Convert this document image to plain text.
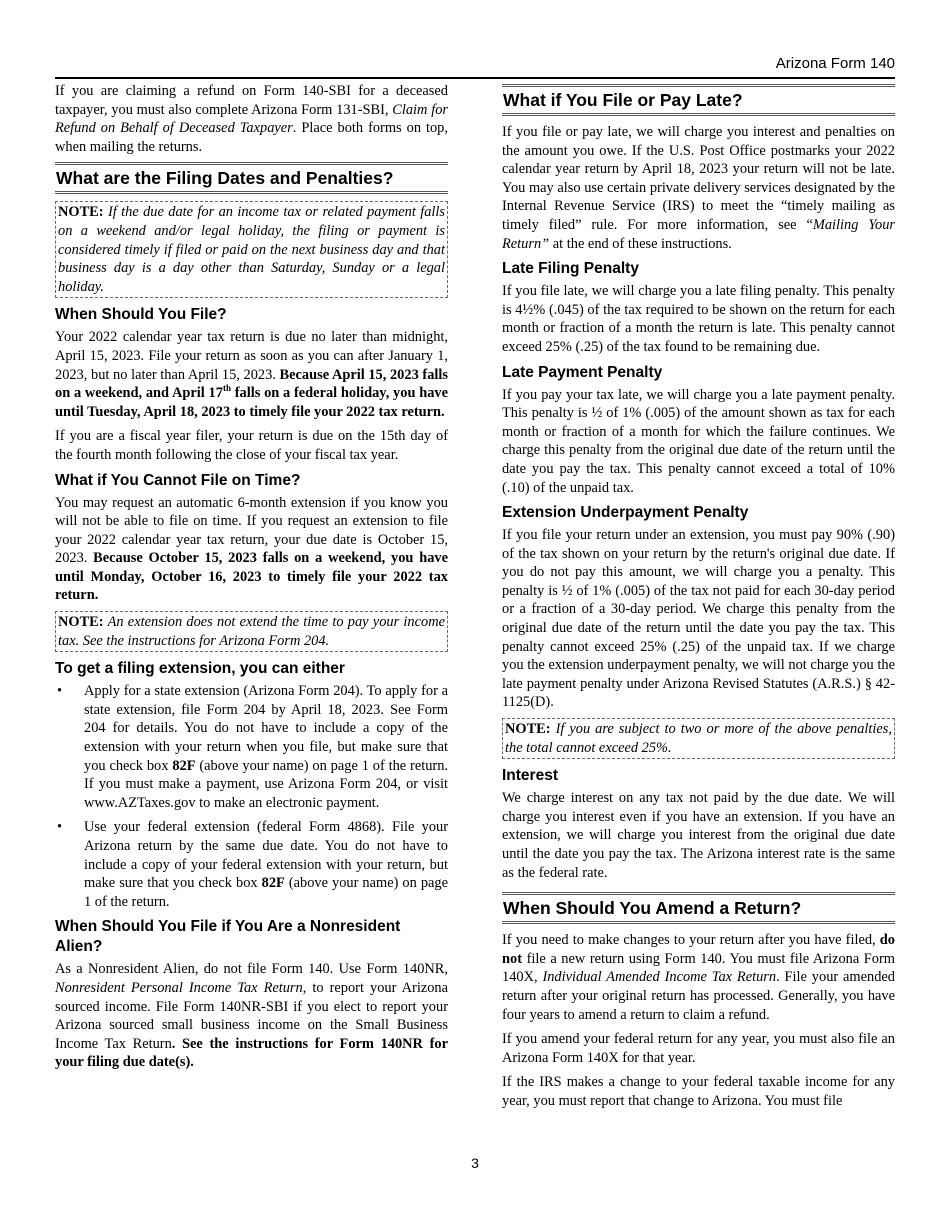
Arizona Form 140

If you are claiming a refund on Form 140-SBI for a deceased taxpayer, you must also complete Arizona Form 131-SBI, Claim for Refund on Behalf of Deceased Taxpayer. Place both forms on top, when mailing the returns.

What are the Filing Dates and Penalties?

NOTE: If the due date for an income tax or related payment falls on a weekend and/or legal holiday, the filing or payment is considered timely if filed or paid on the next business day and that business day is a day other than Saturday, Sunday or a legal holiday.

When Should You File?

Your 2022 calendar year tax return is due no later than midnight, April 15, 2023. File your return as soon as you can after January 1, 2023, but no later than April 15, 2023. Because April 15, 2023 falls on a weekend, and April 17th falls on a federal holiday, you have until Tuesday, April 18, 2023 to timely file your 2022 tax return.

If you are a fiscal year filer, your return is due on the 15th day of the fourth month following the close of your fiscal tax year.

What if You Cannot File on Time?

You may request an automatic 6-month extension if you know you will not be able to file on time. If you request an extension to file your 2022 calendar year tax return, your due date is October 15, 2023. Because October 15, 2023 falls on a weekend, you have until Monday, October 16, 2023 to timely file your 2022 tax return.

NOTE: An extension does not extend the time to pay your income tax. See the instructions for Arizona Form 204.

To get a filing extension, you can either
• Apply for a state extension (Arizona Form 204). To apply for a state extension, file Form 204 by April 18, 2023. See Form 204 for details. You do not have to include a copy of the extension with your return when you file, but make sure that you check box 82F (above your name) on page 1 of the return. If you must make a payment, use Arizona Form 204, or visit www.AZTaxes.gov to make an electronic payment.
• Use your federal extension (federal Form 4868). File your Arizona return by the same due date. You do not have to include a copy of your federal extension with your return, but make sure that you check box 82F (above your name) on page 1 of the return.
When Should You File if You Are a Nonresident Alien?

As a Nonresident Alien, do not file Form 140. Use Form 140NR, Nonresident Personal Income Tax Return, to report your Arizona sourced income. File Form 140NR-SBI if you elect to report your Arizona sourced small business income on the Small Business Income Tax Return. See the instructions for Form 140NR for your filing due date(s).

What if You File or Pay Late?

If you file or pay late, we will charge you interest and penalties on the amount you owe. If the U.S. Post Office postmarks your 2022 calendar year return by April 18, 2023 your return will not be late. You may also use certain private delivery services designated by the Internal Revenue Service (IRS) to meet the “timely mailing as timely filed” rule. For more information, see “Mailing Your Return” at the end of these instructions.

Late Filing Penalty

If you file late, we will charge you a late filing penalty. This penalty is 4½% (.045) of the tax required to be shown on the return for each month or fraction of a month the return is late. This penalty cannot exceed 25% (.25) of the tax found to be remaining due.

Late Payment Penalty

If you pay your tax late, we will charge you a late payment penalty. This penalty is ½ of 1% (.005) of the amount shown as tax for each month or fraction of a month for which the failure continues. We charge this penalty from the original due date of the return until the date you pay the tax. This penalty cannot exceed a total of 10% (.10) of the unpaid tax.

Extension Underpayment Penalty

If you file your return under an extension, you must pay 90% (.90) of the tax shown on your return by the return's original due date. If you do not pay this amount, we will charge you a penalty. This penalty is ½ of 1% (.005) of the tax not paid for each 30-day period or a fraction of a 30-day period. We charge this penalty from the original due date of the return until the date you pay the tax. This penalty cannot exceed 25% (.25) of the unpaid tax. If we charge you the extension underpayment penalty, we will not charge you the late payment penalty under Arizona Revised Statutes (A.R.S.) § 42-1125(D).

NOTE: If you are subject to two or more of the above penalties, the total cannot exceed 25%.

Interest

We charge interest on any tax not paid by the due date. We will charge you interest even if you have an extension. If you have an extension, we will charge you interest from the original due date until the date you pay the tax. The Arizona interest rate is the same as the federal rate.

When Should You Amend a Return?

If you need to make changes to your return after you have filed, do not file a new return using Form 140. You must file Arizona Form 140X, Individual Amended Income Tax Return. File your amended return after your original return has processed. Generally, you have four years to amend a return to claim a refund.

If you amend your federal return for any year, you must also file an Arizona Form 140X for that year.

If the IRS makes a change to your federal taxable income for any year, you must report that change to Arizona. You must file

3
